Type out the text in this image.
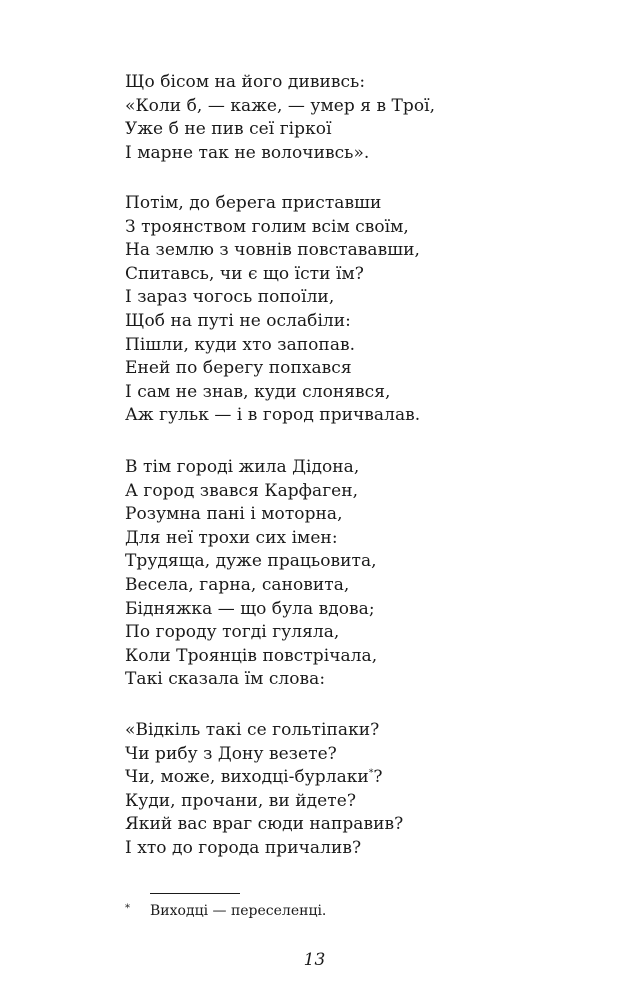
Що бісом на його дививсь:
«Коли б, — каже, — умер я в Трої,
Уже б не пив сеї гіркої
І марне так не волочивсь».
Потім, до берега приставши
З троянством голим всім своїм,
На землю з човнів повстававши,
Спитавсь, чи є що їсти їм?
І зараз чогось попоїли,
Щоб на путі не ослабіли:
Пішли, куди хто запопав.
Еней по берегу попхався
І сам не знав, куди слонявся,
Аж гульк — і в город причвалав.
В тім городі жила Дідона,
А город звався Карфаген,
Розумна пані і моторна,
Для неї трохи сих імен:
Трудяща, дуже працьовита,
Весела, гарна, сановита,
Бідняжка — що була вдова;
По городу тогді гуляла,
Коли Троянців повстрічала,
Такі сказала їм слова:
«Відкіль такі се гольтіпаки?
Чи рибу з Дону везете?
Чи, може, виходці-бурлаки*?
Куди, прочани, ви йдете?
Який вас враг сюди направив?
І хто до города причалив?
* Виходці — переселенці.
13
